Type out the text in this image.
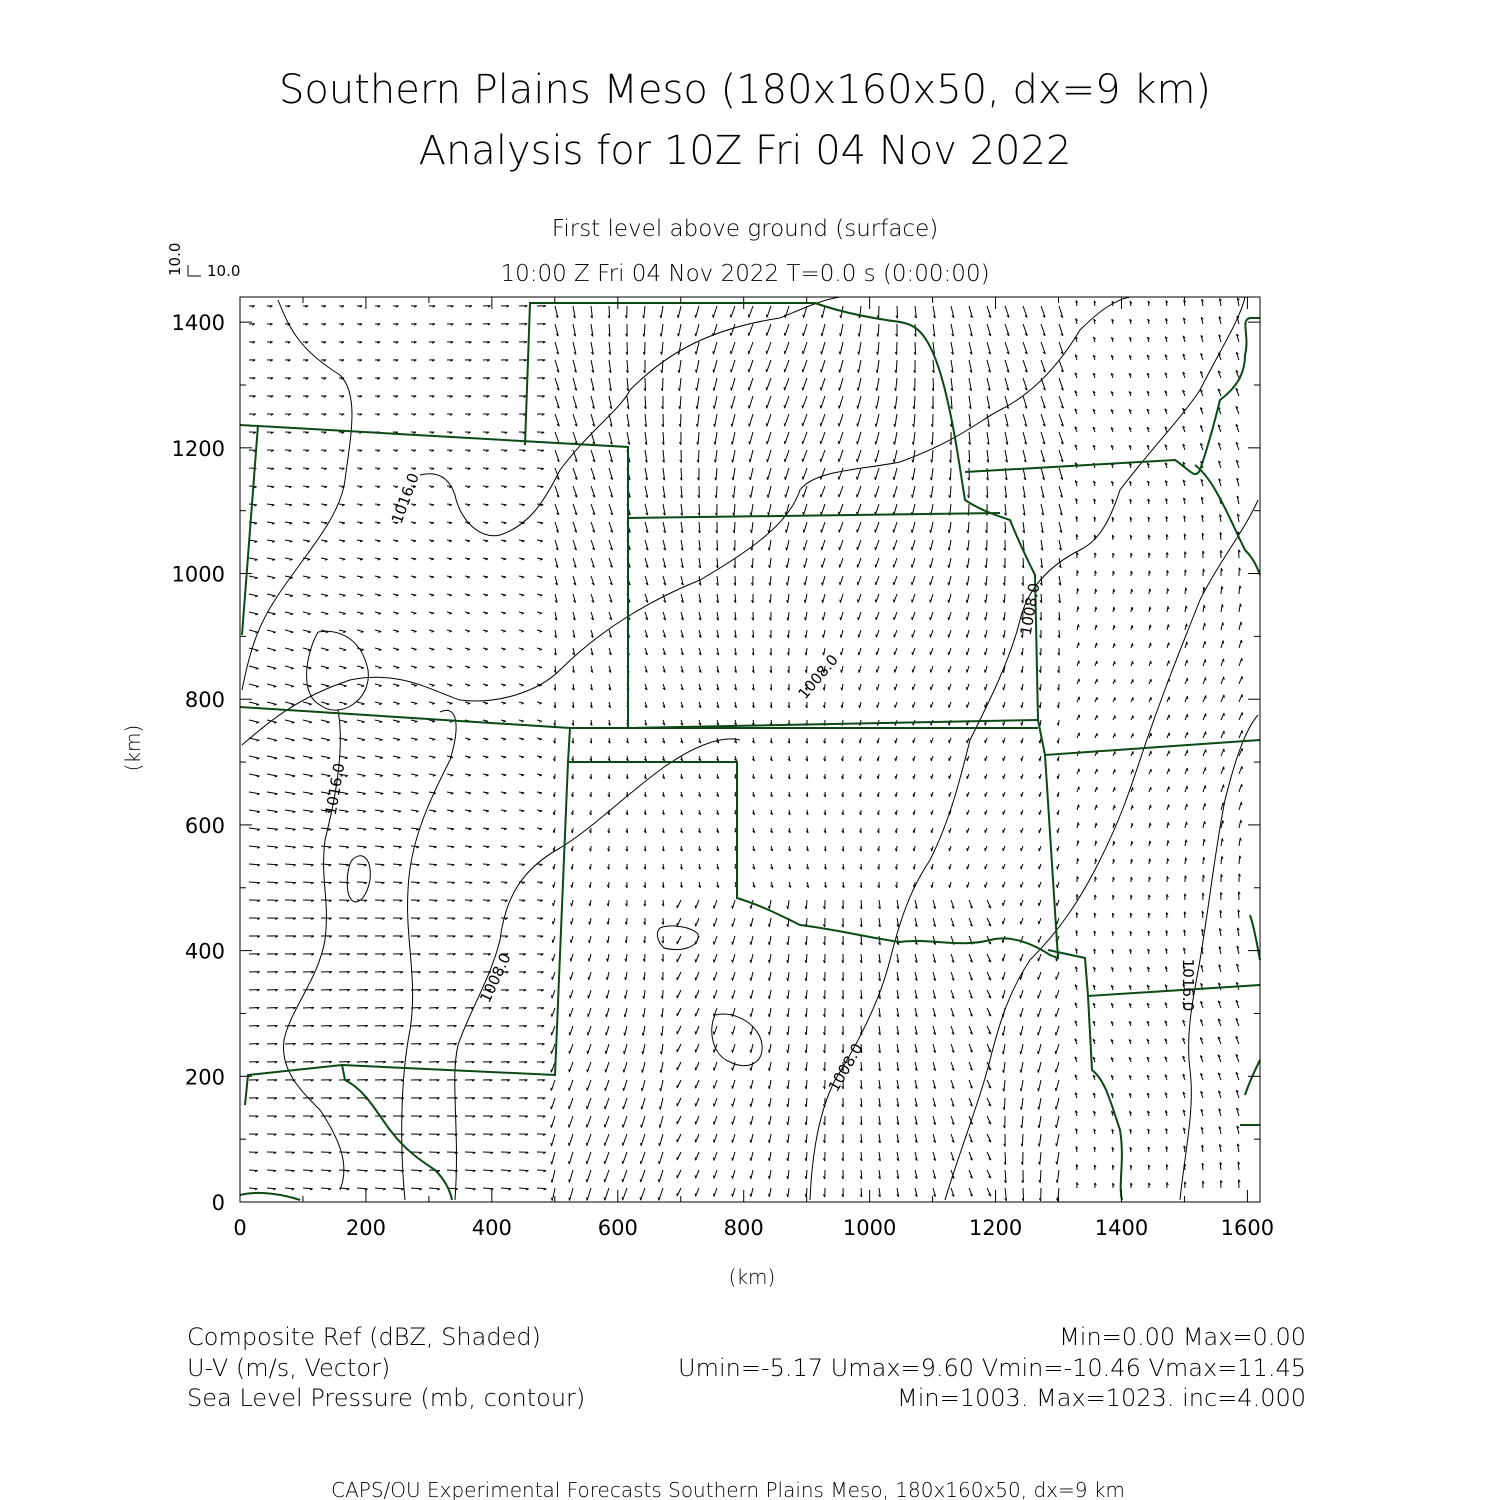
Southern Plains Meso (180x160x50, dx=9 km)
Analysis for 10Z Fri 04 Nov 2022
First level above ground (surface)
10:00 Z Fri 04 Nov 2022 T=0.0 s (0:00:00)
10.0 10.0
1016.0
1016.0
1008.0
1008.0
1008.0
1008.0
1016.0
0	200	400	600	800	1000	1200	1400	1600
0
200
400
600
800
1000
1200
1400
(km)
(km)
Composite Ref (dBZ, Shaded)	Min=0.00 Max=0.00
U-V (m/s, Vector)	Umin=-5.17 Umax=9.60 Vmin=-10.46 Vmax=11.45
Sea Level Pressure (mb, contour)	Min=1003. Max=1023. inc=4.000
CAPS/OU Experimental Forecasts Southern Plains Meso, 180x160x50, dx=9 km
